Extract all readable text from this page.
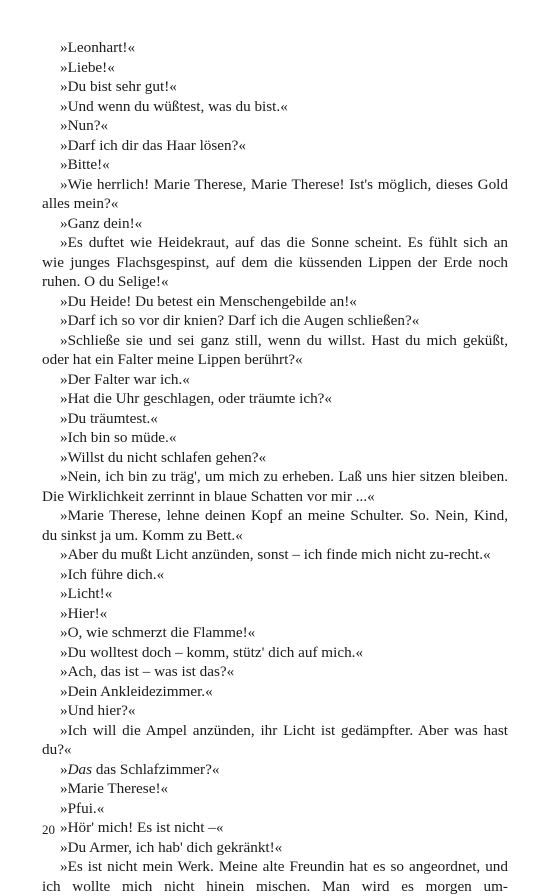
»Leonhart!«

»Liebe!«

»Du bist sehr gut!«

»Und wenn du wüßtest, was du bist.«

»Nun?«

»Darf ich dir das Haar lösen?«

»Bitte!«

»Wie herrlich! Marie Therese, Marie Therese! Ist's möglich, dieses Gold alles mein?«

»Ganz dein!«

»Es duftet wie Heidekraut, auf das die Sonne scheint. Es fühlt sich an wie junges Flachsgespinst, auf dem die küssenden Lippen der Erde noch ruhen. O du Selige!«

»Du Heide! Du betest ein Menschengebilde an!«

»Darf ich so vor dir knien? Darf ich die Augen schließen?«

»Schließe sie und sei ganz still, wenn du willst. Hast du mich geküßt, oder hat ein Falter meine Lippen berührt?«

»Der Falter war ich.«

»Hat die Uhr geschlagen, oder träumte ich?«

»Du träumtest.«

»Ich bin so müde.«

»Willst du nicht schlafen gehen?«

»Nein, ich bin zu träg', um mich zu erheben. Laß uns hier sitzen bleiben. Die Wirklichkeit zerrinnt in blaue Schatten vor mir ...«

»Marie Therese, lehne deinen Kopf an meine Schulter. So. Nein, Kind, du sinkst ja um. Komm zu Bett.«

»Aber du mußt Licht anzünden, sonst – ich finde mich nicht zu-recht.«

»Ich führe dich.«

»Licht!«

»Hier!«

»O, wie schmerzt die Flamme!«

»Du wolltest doch – komm, stütz' dich auf mich.«

»Ach, das ist – was ist das?«

»Dein Ankleidezimmer.«

»Und hier?«

»Ich will die Ampel anzünden, ihr Licht ist gedämpfter. Aber was hast du?«

»Das das Schlafzimmer?«

»Marie Therese!«

»Pfui.«

»Hör' mich! Es ist nicht –«

»Du Armer, ich hab' dich gekränkt!«

»Es ist nicht mein Werk. Meine alte Freundin hat es so angeordnet, und ich wollte mich nicht hinein mischen. Man wird es morgen um-

20
